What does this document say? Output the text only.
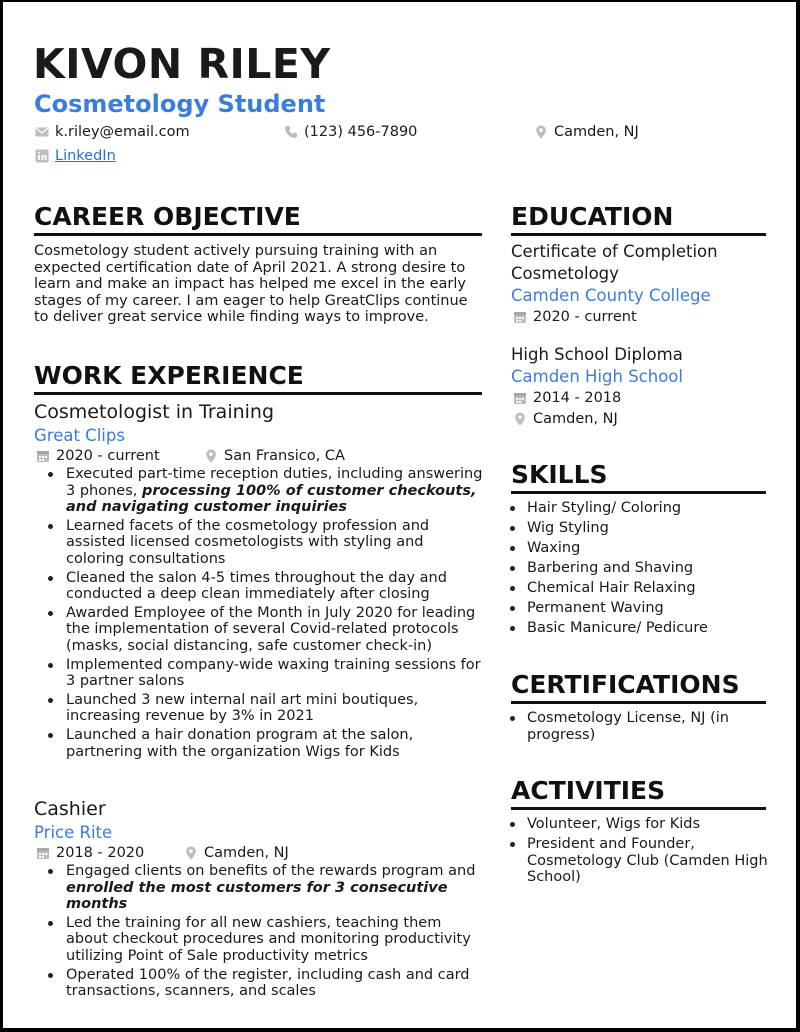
KIVON RILEY
Cosmetology Student
k.riley@email.com	(123) 456-7890	Camden, NJ
LinkedIn
CAREER OBJECTIVE
Cosmetology student actively pursuing training with an expected certification date of April 2021. A strong desire to learn and make an impact has helped me excel in the early stages of my career. I am eager to help GreatClips continue to deliver great service while finding ways to improve.
WORK EXPERIENCE
Cosmetologist in Training
Great Clips
2020 - current	San Fransico, CA
Executed part-time reception duties, including answering 3 phones, processing 100% of customer checkouts, and navigating customer inquiries
Learned facets of the cosmetology profession and assisted licensed cosmetologists with styling and coloring consultations
Cleaned the salon 4-5 times throughout the day and conducted a deep clean immediately after closing
Awarded Employee of the Month in July 2020 for leading the implementation of several Covid-related protocols (masks, social distancing, safe customer check-in)
Implemented company-wide waxing training sessions for 3 partner salons
Launched 3 new internal nail art mini boutiques, increasing revenue by 3% in 2021
Launched a hair donation program at the salon, partnering with the organization Wigs for Kids
Cashier
Price Rite
2018 - 2020	Camden, NJ
Engaged clients on benefits of the rewards program and enrolled the most customers for 3 consecutive months
Led the training for all new cashiers, teaching them about checkout procedures and monitoring productivity utilizing Point of Sale productivity metrics
Operated 100% of the register, including cash and card transactions, scanners, and scales
EDUCATION
Certificate of Completion
Cosmetology
Camden County College
2020 - current
High School Diploma
Camden High School
2014 - 2018
Camden, NJ
SKILLS
Hair Styling/ Coloring
Wig Styling
Waxing
Barbering and Shaving
Chemical Hair Relaxing
Permanent Waving
Basic Manicure/ Pedicure
CERTIFICATIONS
Cosmetology License, NJ (in progress)
ACTIVITIES
Volunteer, Wigs for Kids
President and Founder, Cosmetology Club (Camden High School)
